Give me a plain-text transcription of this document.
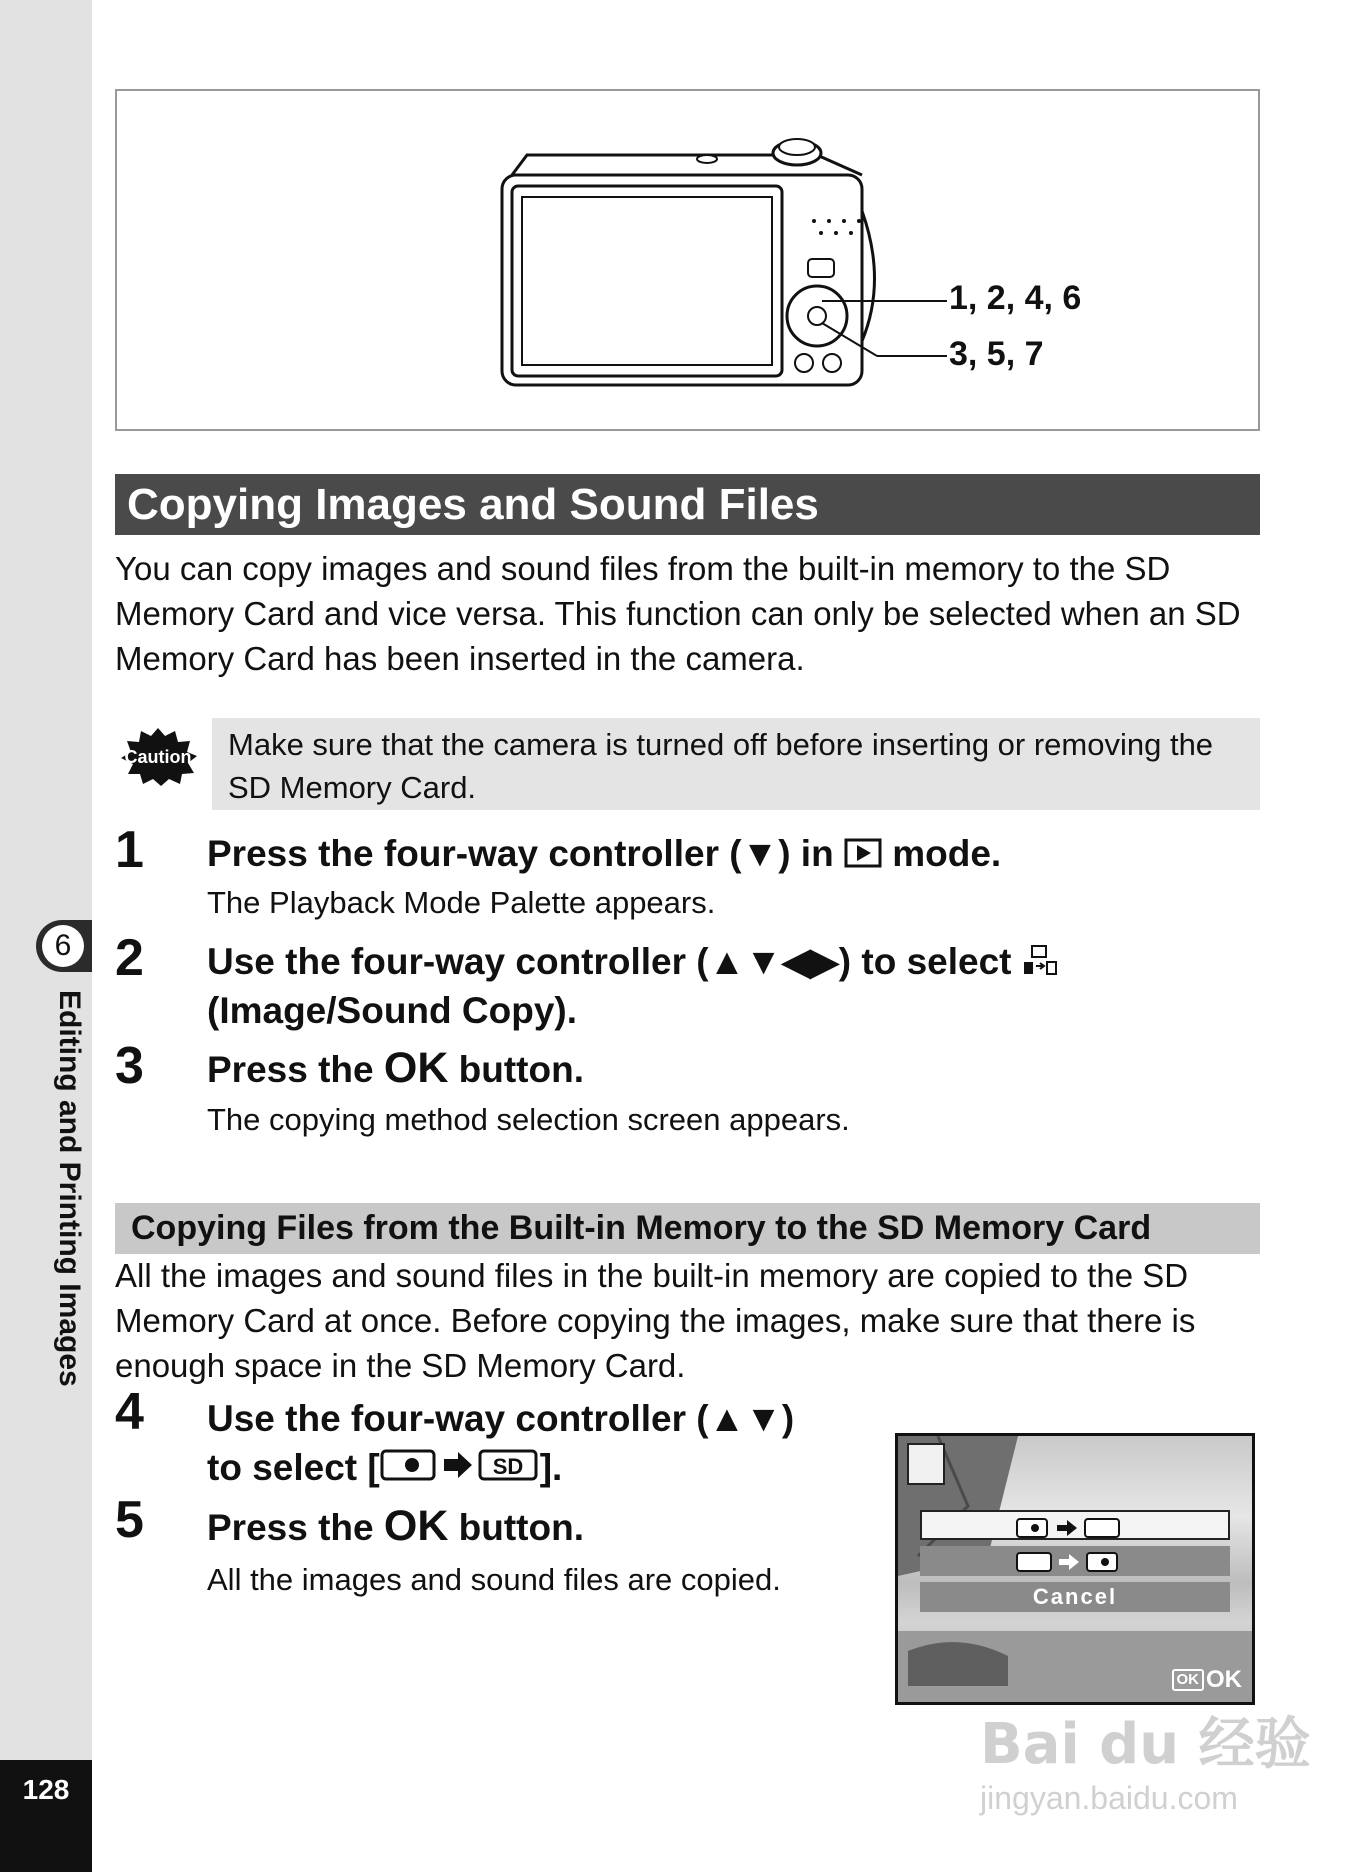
6
Editing and Printing Images
128
1, 2, 4, 6
3, 5, 7
Copying Images and Sound Files
You can copy images and sound files from the built-in memory to the SD Memory Card and vice versa. This function can only be selected when an SD Memory Card has been inserted in the camera.
Caution	Make sure that the camera is turned off before inserting or removing the SD Memory Card.
1 Press the four-way controller (▼) in mode.
The Playback Mode Palette appears.
2 Use the four-way controller (▲▼◀▶) to select
(Image/Sound Copy).
3 Press the OK button.
The copying method selection screen appears.
Copying Files from the Built-in Memory to the SD Memory Card
All the images and sound files in the built-in memory are copied to the SD Memory Card at once. Before copying the images, make sure that there is enough space in the SD Memory Card.
4 Use the four-way controller (▲▼)
to select [	SD ].
5 Press the OK button.
All the images and sound files are copied.	Cancel
OK OK
Bai du 经验
jingyan.baidu.com
